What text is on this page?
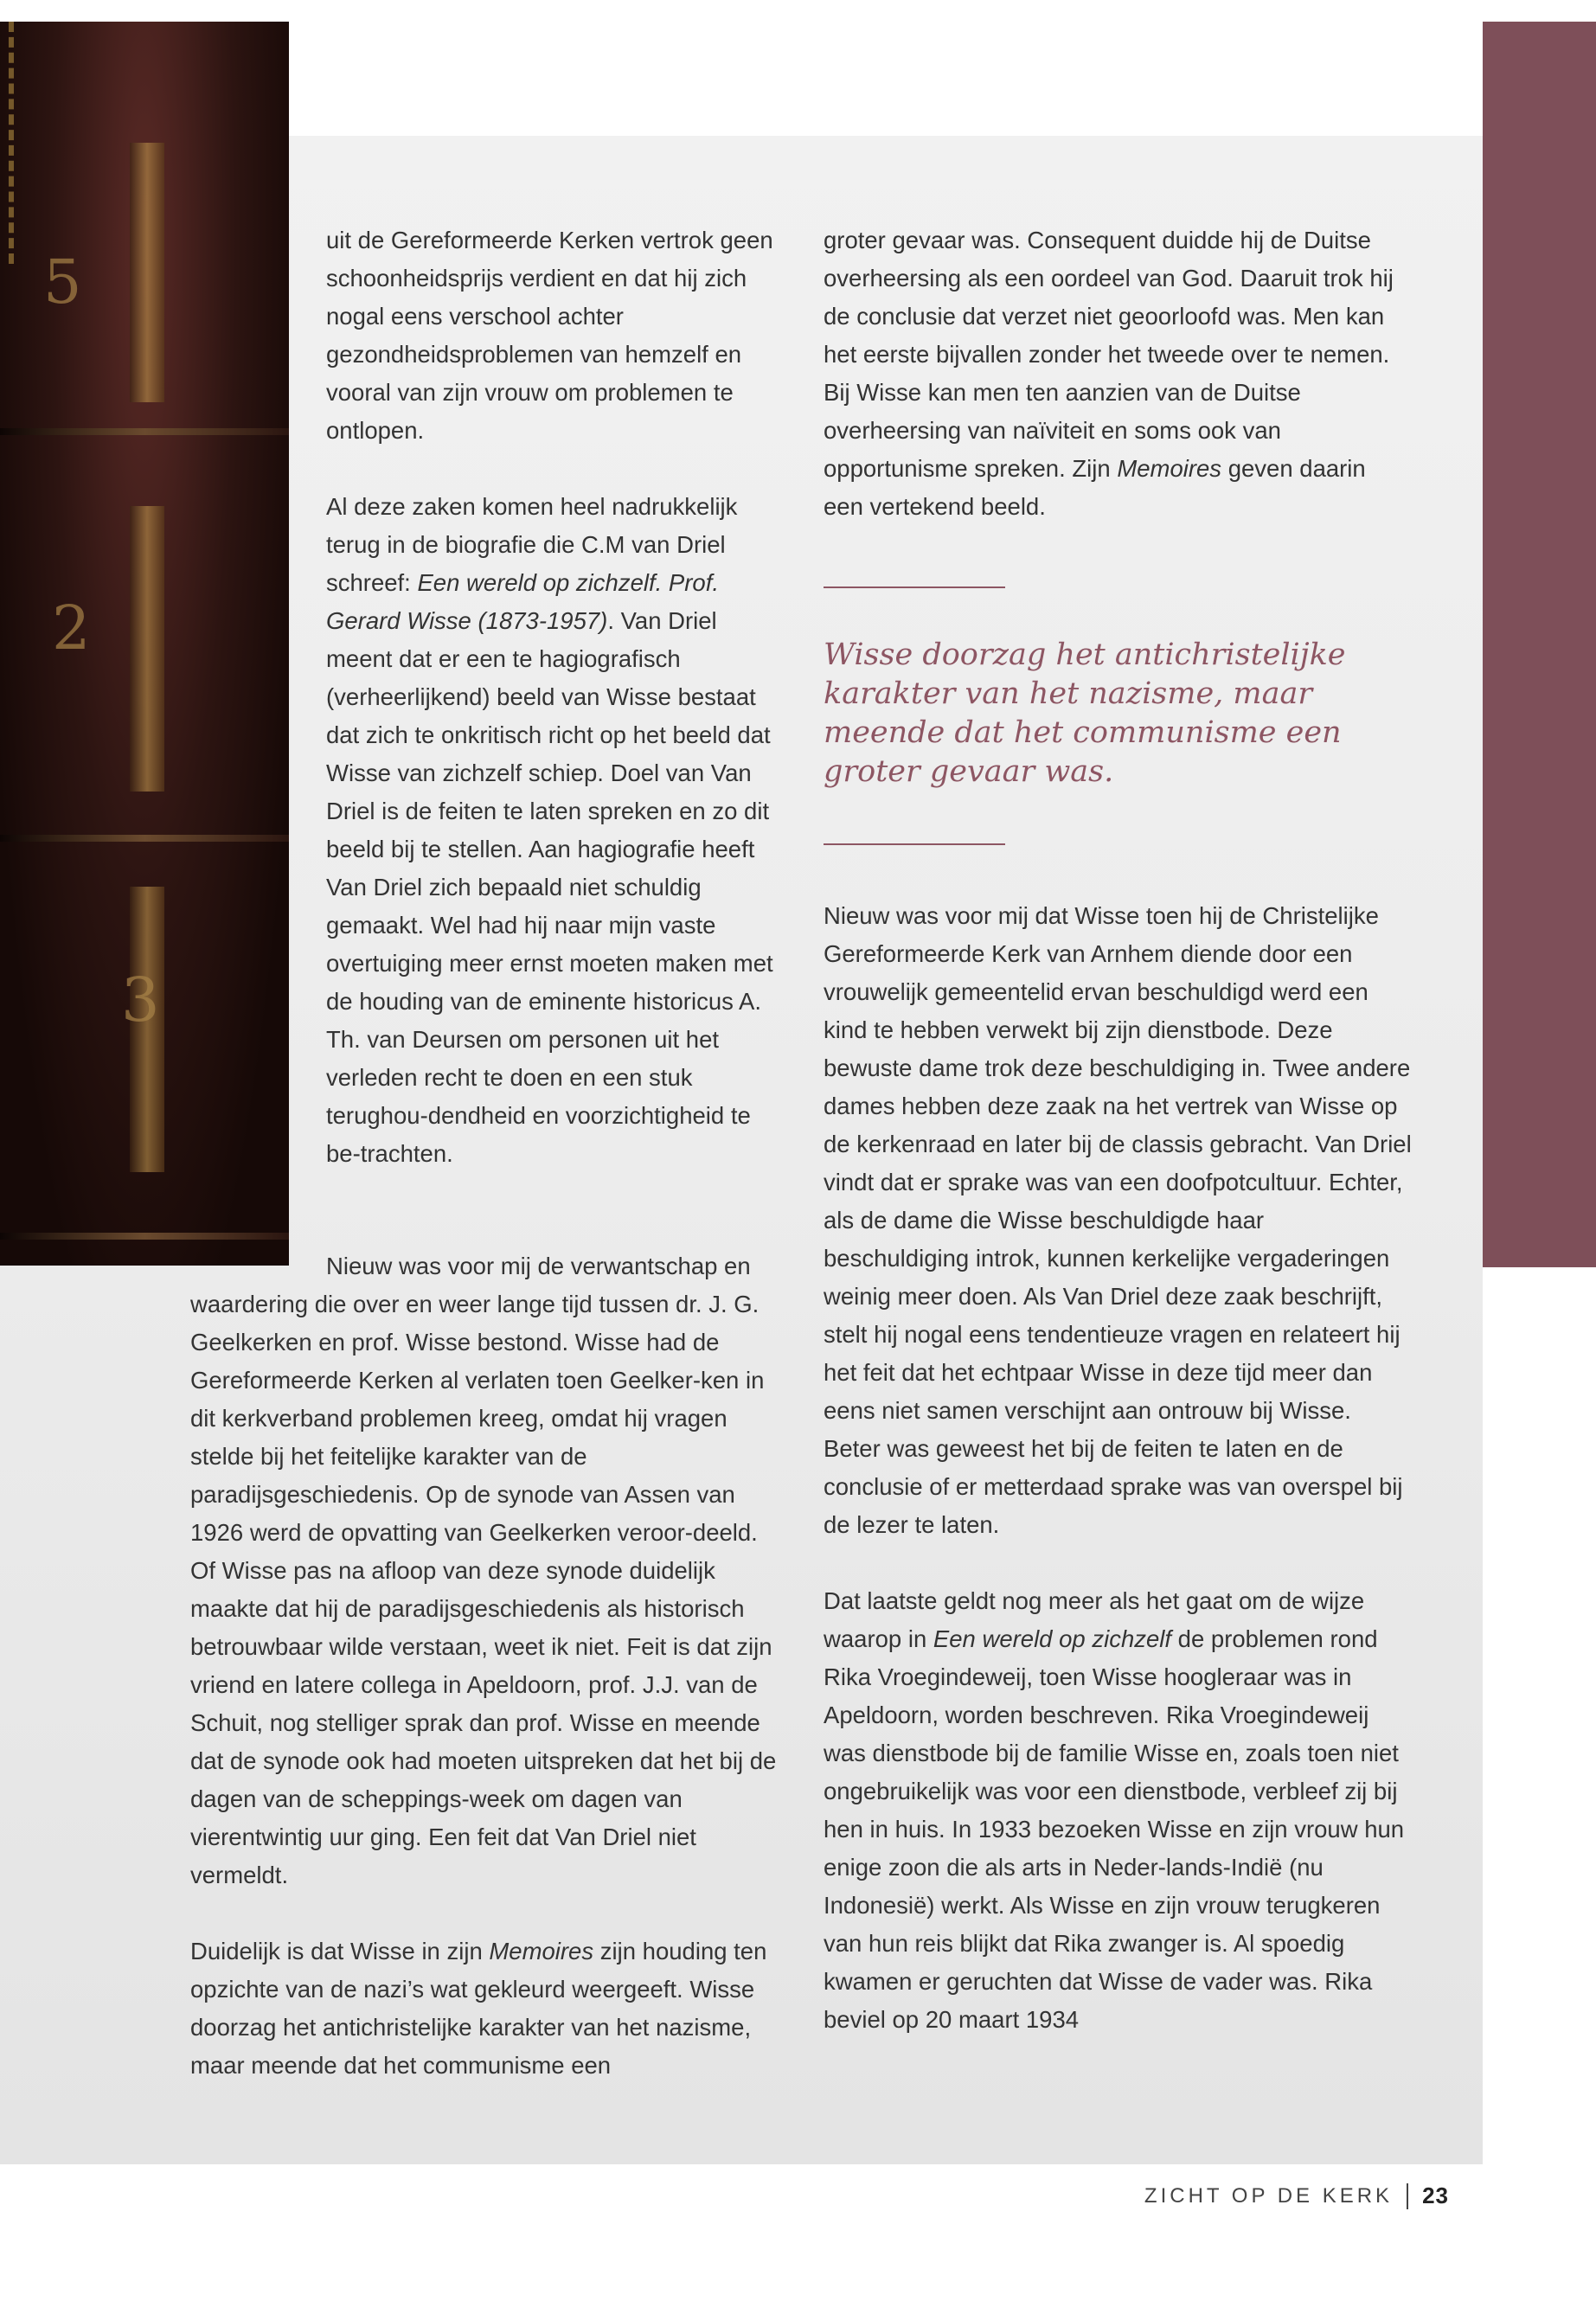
5
2
3

uit de Gereformeerde Kerken vertrok geen schoonheidsprijs verdient en dat hij zich nogal eens verschool achter gezondheidsproblemen van hemzelf en vooral van zijn vrouw om problemen te ontlopen.

Al deze zaken komen heel nadrukkelijk terug in de biografie die C.M van Driel schreef: Een wereld op zichzelf. Prof. Gerard Wisse (1873-1957). Van Driel meent dat er een te hagiografisch (verheerlijkend) beeld van Wisse bestaat dat zich te onkritisch richt op het beeld dat Wisse van zichzelf schiep. Doel van Van Driel is de feiten te laten spreken en zo dit beeld bij te stellen. Aan hagiografie heeft Van Driel zich bepaald niet schuldig gemaakt. Wel had hij naar mijn vaste overtuiging meer ernst moeten maken met de houding van de eminente historicus A. Th. van Deursen om personen uit het verleden recht te doen en een stuk terughou-dendheid en voorzichtigheid te be-trachten.

Nieuw was voor mij de verwantschap en waardering die over en weer lange tijd tussen dr. J. G. Geelkerken en prof. Wisse bestond. Wisse had de Gereformeerde Kerken al verlaten toen Geelker-ken in dit kerkverband problemen kreeg, omdat hij vragen stelde bij het feitelijke karakter van de paradijsgeschiedenis. Op de synode van Assen van 1926 werd de opvatting van Geelkerken veroor-deeld. Of Wisse pas na afloop van deze synode duidelijk maakte dat hij de paradijsgeschiedenis als historisch betrouwbaar wilde verstaan, weet ik niet. Feit is dat zijn vriend en latere collega in Apeldoorn, prof. J.J. van de Schuit, nog stelliger sprak dan prof. Wisse en meende dat de synode ook had moeten uitspreken dat het bij de dagen van de scheppings-week om dagen van vierentwintig uur ging. Een feit dat Van Driel niet vermeldt.

Duidelijk is dat Wisse in zijn Memoires zijn houding ten opzichte van de nazi’s wat gekleurd weergeeft. Wisse doorzag het antichristelijke karakter van het nazisme, maar meende dat het communisme een

groter gevaar was. Consequent duidde hij de Duitse overheersing als een oordeel van God. Daaruit trok hij de conclusie dat verzet niet geoorloofd was. Men kan het eerste bijvallen zonder het tweede over te nemen. Bij Wisse kan men ten aanzien van de Duitse overheersing van naïviteit en soms ook van opportunisme spreken. Zijn Memoires geven daarin een vertekend beeld.

Wisse doorzag het antichristelijke karakter van het nazisme, maar meende dat het communisme een groter gevaar was.

Nieuw was voor mij dat Wisse toen hij de Christelijke Gereformeerde Kerk van Arnhem diende door een vrouwelijk gemeentelid ervan beschuldigd werd een kind te hebben verwekt bij zijn dienstbode. Deze bewuste dame trok deze beschuldiging in. Twee andere dames hebben deze zaak na het vertrek van Wisse op de kerkenraad en later bij de classis gebracht. Van Driel vindt dat er sprake was van een doofpotcultuur. Echter, als de dame die Wisse beschuldigde haar beschuldiging introk, kunnen kerkelijke vergaderingen weinig meer doen. Als Van Driel deze zaak beschrijft, stelt hij nogal eens tendentieuze vragen en relateert hij het feit dat het echtpaar Wisse in deze tijd meer dan eens niet samen verschijnt aan ontrouw bij Wisse. Beter was geweest het bij de feiten te laten en de conclusie of er metterdaad sprake was van overspel bij de lezer te laten.

Dat laatste geldt nog meer als het gaat om de wijze waarop in Een wereld op zichzelf de problemen rond Rika Vroegindeweij, toen Wisse hoogleraar was in Apeldoorn, worden beschreven. Rika Vroegindeweij was dienstbode bij de familie Wisse en, zoals toen niet ongebruikelijk was voor een dienstbode, verbleef zij bij hen in huis. In 1933 bezoeken Wisse en zijn vrouw hun enige zoon die als arts in Neder-lands-Indië (nu Indonesië) werkt. Als Wisse en zijn vrouw terugkeren van hun reis blijkt dat Rika zwanger is. Al spoedig kwamen er geruchten dat Wisse de vader was. Rika beviel op 20 maart 1934

ZICHT OP DE KERK 23
